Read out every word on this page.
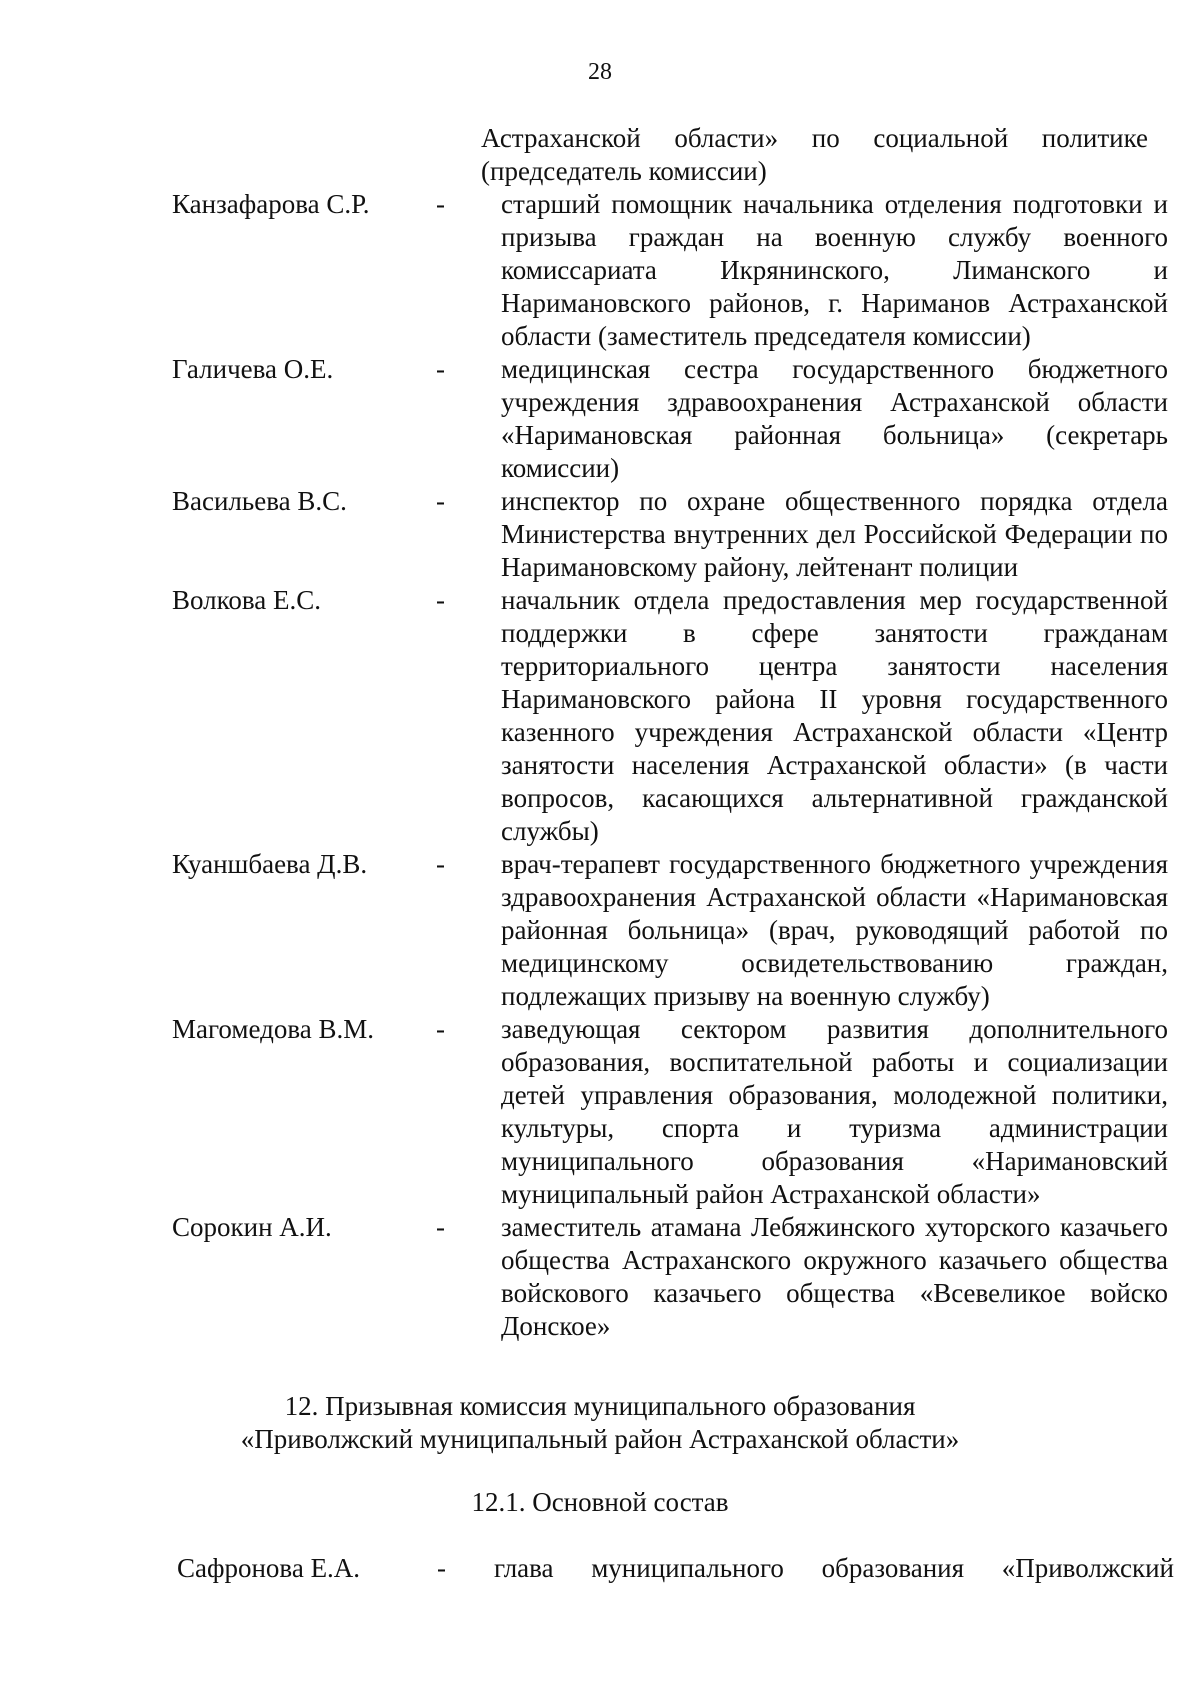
28
Астраханской области» по социальной политике (председатель комиссии)
Канзафарова С.Р.	-	старший помощник начальника отделения подготовки и призыва граждан на военную службу военного комиссариата Икрянинского, Лиманского и Наримановского районов, г. Нариманов Астраханской области (заместитель председателя комиссии)
Галичева О.Е.	-	медицинская сестра государственного бюджетного учреждения здравоохранения Астраханской области «Наримановская районная больница» (секретарь комиссии)
Васильева В.С.	-	инспектор по охране общественного порядка отдела Министерства внутренних дел Российской Федерации по Наримановскому району, лейтенант полиции
Волкова Е.С.	-	начальник отдела предоставления мер государственной поддержки в сфере занятости гражданам территориального центра занятости населения Наримановского района II уровня государственного казенного учреждения Астраханской области «Центр занятости населения Астраханской области» (в части вопросов, касающихся альтернативной гражданской службы)
Куаншбаева Д.В.	-	врач-терапевт государственного бюджетного учреждения здравоохранения Астраханской области «Наримановская районная больница» (врач, руководящий работой по медицинскому освидетельствованию граждан, подлежащих призыву на военную службу)
Магомедова В.М.	-	заведующая сектором развития дополнительного образования, воспитательной работы и социализации детей управления образования, молодежной политики, культуры, спорта и туризма администрации муниципального образования «Наримановский муниципальный район Астраханской области»
Сорокин А.И.	-	заместитель атамана Лебяжинского хуторского казачьего общества Астраханского окружного казачьего общества войскового казачьего общества «Всевеликое войско Донское»
12. Призывная комиссия муниципального образования
«Приволжский муниципальный район Астраханской области»
12.1. Основной состав
Сафронова Е.А.	-	глава муниципального образования «Приволжский
